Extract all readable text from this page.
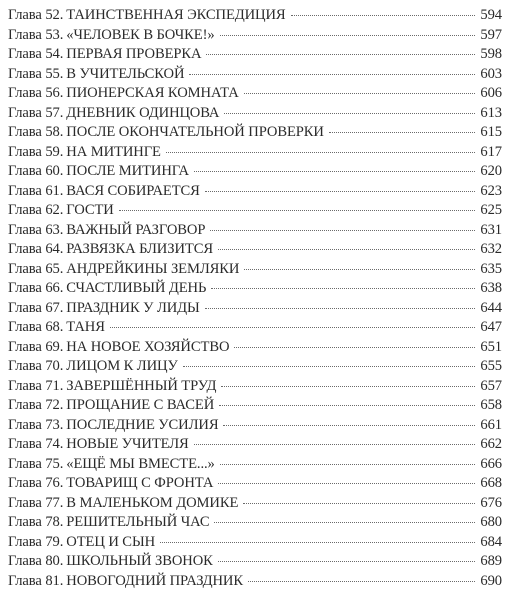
Глава 52. ТАИНСТВЕННАЯ ЭКСПЕДИЦИЯ	594
Глава 53. «ЧЕЛОВЕК В БОЧКЕ!»	597
Глава 54. ПЕРВАЯ ПРОВЕРКА	598
Глава 55. В УЧИТЕЛЬСКОЙ	603
Глава 56. ПИОНЕРСКАЯ КОМНАТА	606
Глава 57. ДНЕВНИК ОДИНЦОВА	613
Глава 58. ПОСЛЕ ОКОНЧАТЕЛЬНОЙ ПРОВЕРКИ	615
Глава 59. НА МИТИНГЕ	617
Глава 60. ПОСЛЕ МИТИНГА	620
Глава 61. ВАСЯ СОБИРАЕТСЯ	623
Глава 62. ГОСТИ	625
Глава 63. ВАЖНЫЙ РАЗГОВОР	631
Глава 64. РАЗВЯЗКА БЛИЗИТСЯ	632
Глава 65. АНДРЕЙКИНЫ ЗЕМЛЯКИ	635
Глава 66. СЧАСТЛИВЫЙ ДЕНЬ	638
Глава 67. ПРАЗДНИК У ЛИДЫ	644
Глава 68. ТАНЯ	647
Глава 69. НА НОВОЕ ХОЗЯЙСТВО	651
Глава 70. ЛИЦОМ К ЛИЦУ	655
Глава 71. ЗАВЕРШЁННЫЙ ТРУД	657
Глава 72. ПРОЩАНИЕ С ВАСЕЙ	658
Глава 73. ПОСЛЕДНИЕ УСИЛИЯ	661
Глава 74. НОВЫЕ УЧИТЕЛЯ	662
Глава 75. «ЕЩЁ МЫ ВМЕСТЕ...»	666
Глава 76. ТОВАРИЩ С ФРОНТА	668
Глава 77. В МАЛЕНЬКОМ ДОМИКЕ	676
Глава 78. РЕШИТЕЛЬНЫЙ ЧАС	680
Глава 79. ОТЕЦ И СЫН	684
Глава 80. ШКОЛЬНЫЙ ЗВОНОК	689
Глава 81. НОВОГОДНИЙ ПРАЗДНИК	690
